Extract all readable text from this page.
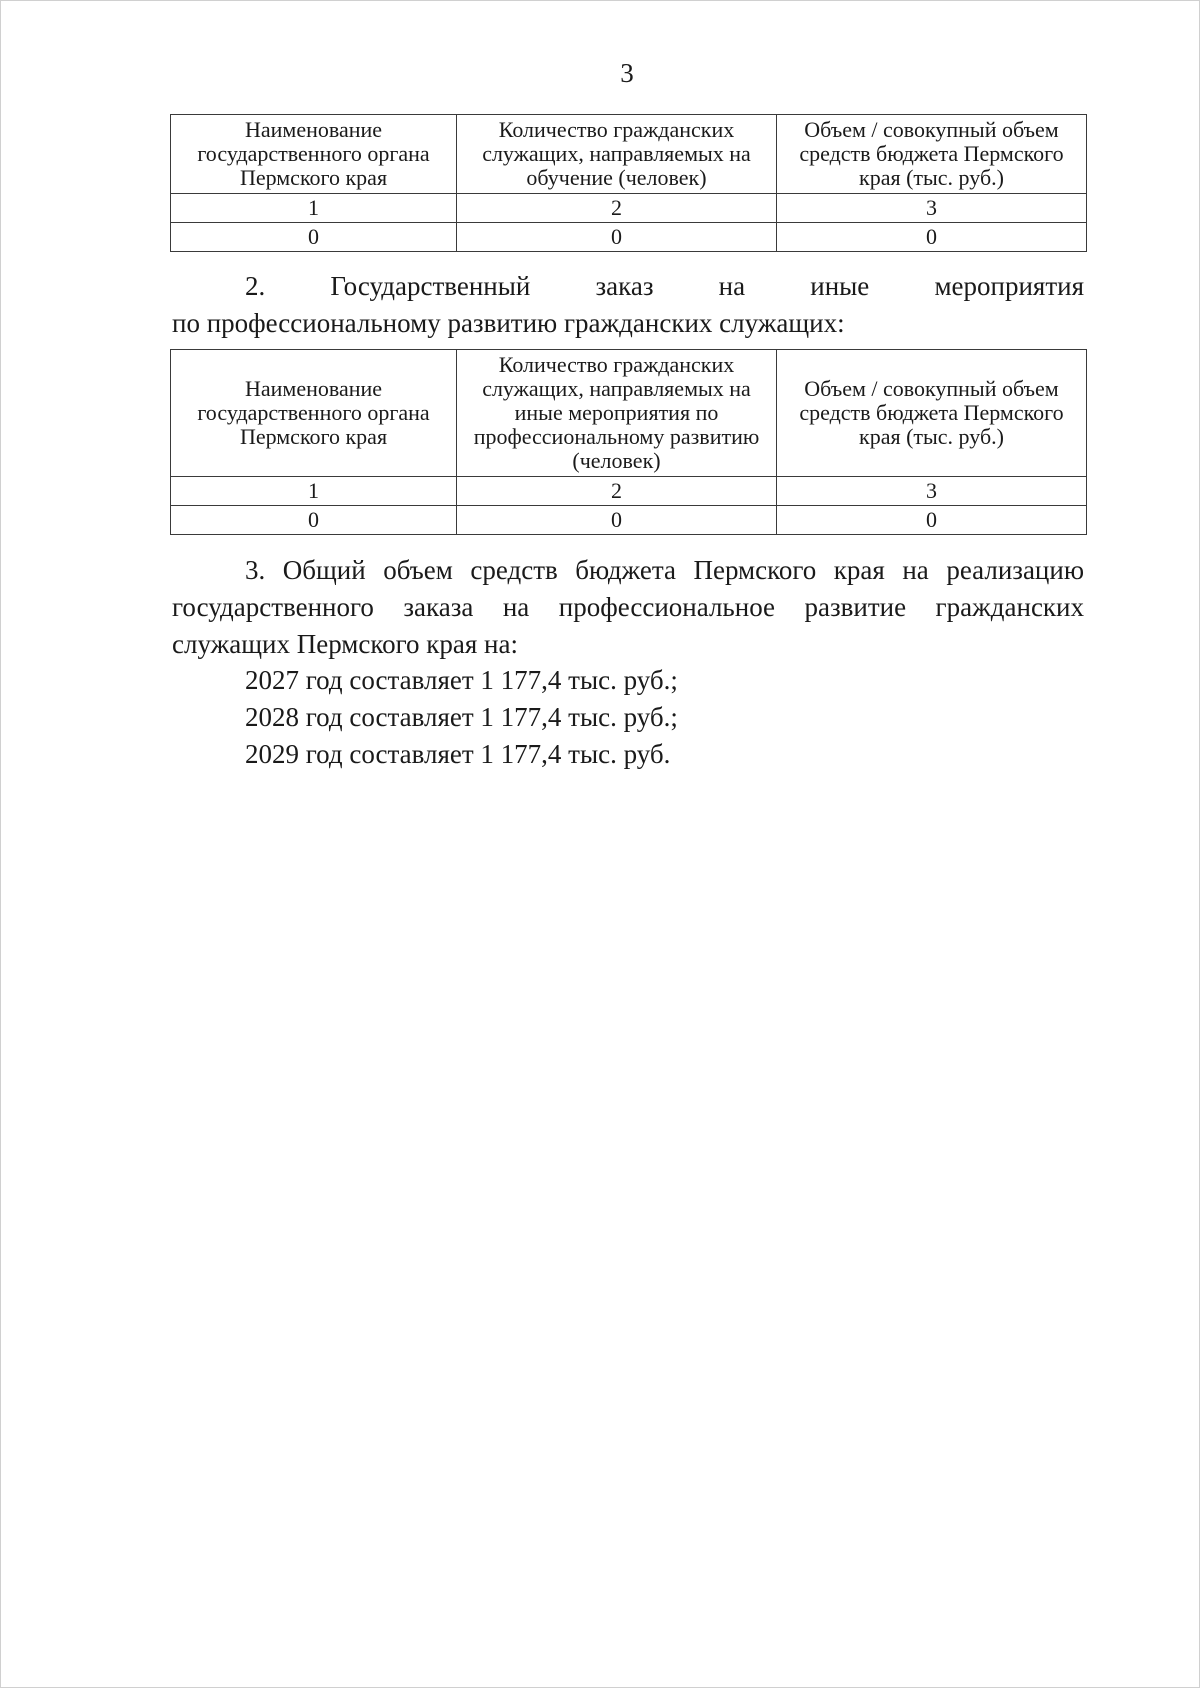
3
Наименование государственного органа Пермского края	Количество гражданских служащих, направляемых на обучение (человек)	Объем / совокупный объем средств бюджета Пермского края (тыс. руб.)
1	2	3
0	0	0
2. Государственный заказ на иные мероприятия
по профессиональному развитию гражданских служащих:
Наименование государственного органа Пермского края	Количество гражданских служащих, направляемых на иные мероприятия по профессиональному развитию (человек)	Объем / совокупный объем средств бюджета Пермского края (тыс. руб.)
1	2	3
0	0	0
3. Общий объем средств бюджета Пермского края на реализацию государственного заказа на профессиональное развитие гражданских служащих Пермского края на:
2027 год составляет 1 177,4 тыс. руб.;
2028 год составляет 1 177,4 тыс. руб.;
2029 год составляет 1 177,4 тыс. руб.
